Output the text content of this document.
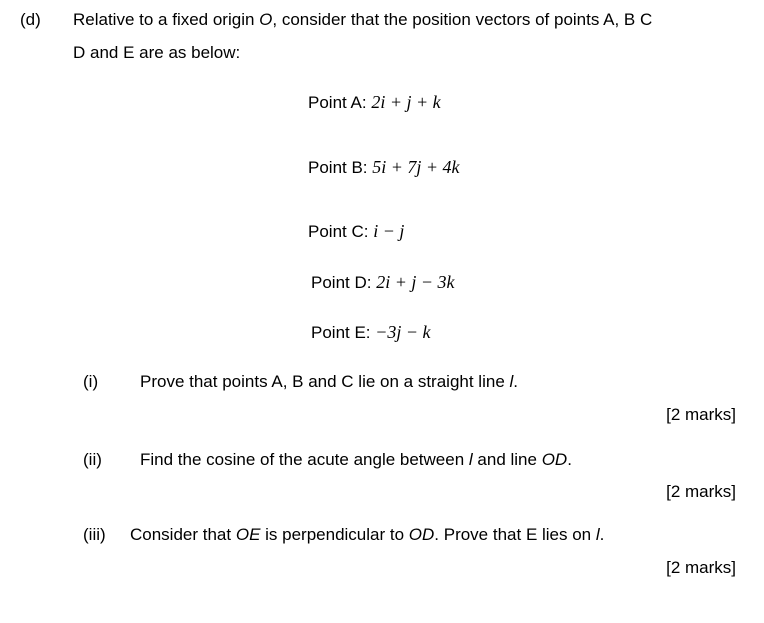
(d) Relative to a fixed origin O, consider that the position vectors of points A, B C
D and E are as below:
Point A: 2i + j + k
Point B: 5i + 7j + 4k
Point C: i − j
Point D: 2i + j − 3k
Point E: −3j − k
(i) Prove that points A, B and C lie on a straight line l.
[2 marks]
(ii) Find the cosine of the acute angle between l and line OD.
[2 marks]
(iii) Consider that OE is perpendicular to OD. Prove that E lies on l.
[2 marks]
